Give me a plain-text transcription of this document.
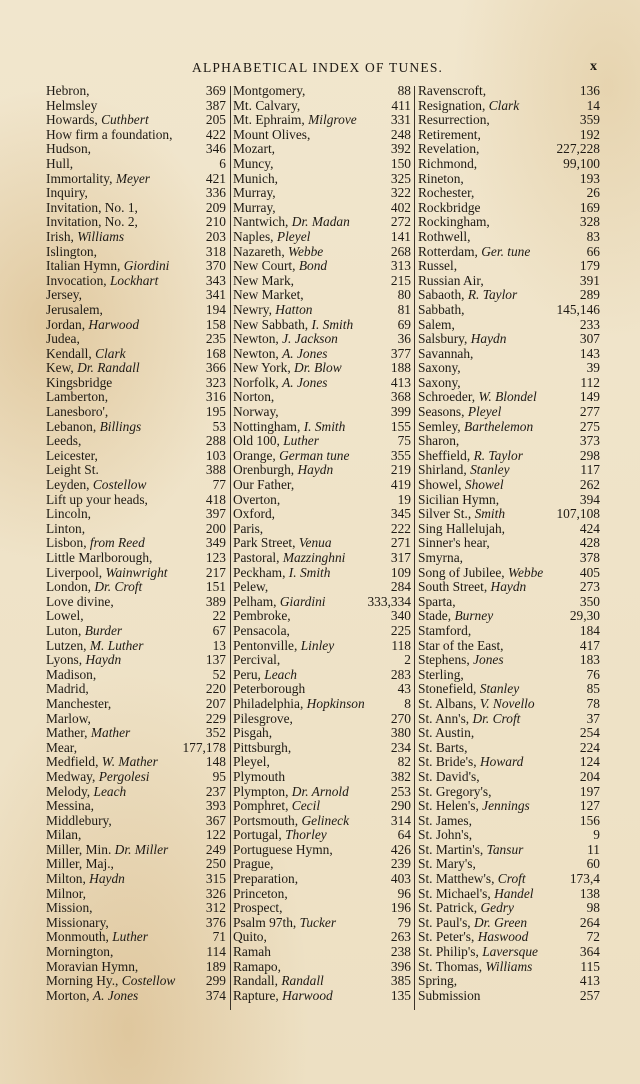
ALPHABETICAL INDEX OF TUNES.	x
Hebron,	369
Helmsley	387
Howards, Cuthbert	205
How firm a foundation, 422
Hudson,	346
Hull,	6
Immortality, Meyer	421
Inquiry,	336
Invitation, No. 1,	209
Invitation, No. 2,	210
Irish, Williams	203
Islington,	318
Italian Hymn, Giordini	370
Invocation, Lockhart	343
Jersey,	341
Jerusalem,	194
Jordan, Harwood	158
Judea,	235
Kendall, Clark	168
Kew, Dr. Randall	366
Kingsbridge	323
Lamberton,	316
Lanesboro',	195
Lebanon, Billings	53
Leeds,	288
Leicester,	103
Leight St.	388
Leyden, Costellow	77
Lift up your heads,	418
Lincoln,	397
Linton,	200
Lisbon, from Reed	349
Little Marlborough,	123
Liverpool, Wainwright	217
London, Dr. Croft	151
Love divine,	389
Lowel,	22
Luton, Burder	67
Lutzen, M. Luther	13
Lyons, Haydn	137
Madison,	52
Madrid,	220
Manchester,	207
Marlow,	229
Mather, Mather	352
Mear,	177,178
Medfield, W. Mather	148
Medway, Pergolesi	95
Melody, Leach	237
Messina,	393
Middlebury,	367
Milan,	122
Miller, Min. Dr. Miller	249
Miller, Maj.,	250
Milton, Haydn	315
Milnor,	326
Mission,	312
Missionary,	376
Monmouth, Luther	71
Mornington,	114
Moravian Hymn,	189
Morning Hy., Costellow 299
Morton, A. Jones	374
Montgomery,	88
Mt. Calvary,	411
Mt. Ephraim, Milgrove	331
Mount Olives,	248
Mozart,	392
Muncy,	150
Munich,	325
Murray,	322
Murray,	402
Nantwich, Dr. Madan	272
Naples, Pleyel	141
Nazareth, Webbe	268
New Court, Bond	313
New Mark,	215
New Market,	80
Newry, Hatton	81
New Sabbath, I. Smith	69
Newton, J. Jackson	36
Newton, A. Jones	377
New York, Dr. Blow	188
Norfolk, A. Jones	413
Norton,	368
Norway,	399
Nottingham, I. Smith	155
Old 100, Luther	75
Orange, German tune	355
Orenburgh, Haydn	219
Our Father,	419
Overton,	19
Oxford,	345
Paris,	222
Park Street, Venua	271
Pastoral, Mazzinghni	317
Peckham, I. Smith	109
Pelew,	284
Pelham, Giardini	333,334
Pembroke,	340
Pensacola,	225
Pentonville, Linley	118
Percival,	2
Peru, Leach	283
Peterborough	43
Philadelphia, Hopkinson	8
Pilesgrove,	270
Pisgah,	380
Pittsburgh,	234
Pleyel,	82
Plymouth	382
Plympton, Dr. Arnold	253
Pomphret, Cecil	290
Portsmouth, Gelineck	314
Portugal, Thorley	64
Portuguese Hymn,	426
Prague,	239
Preparation,	403
Princeton,	96
Prospect,	196
Psalm 97th, Tucker	79
Quito,	263
Ramah	238
Ramapo,	396
Randall, Randall	385
Rapture, Harwood	135
Ravenscroft,	136
Resignation, Clark	14
Resurrection,	359
Retirement,	192
Revelation,	227,228
Richmond,	99,100
Rineton,	193
Rochester,	26
Rockbridge	169
Rockingham,	328
Rothwell,	83
Rotterdam, Ger. tune	66
Russel,	179
Russian Air,	391
Sabaoth, R. Taylor	289
Sabbath,	145,146
Salem,	233
Salsbury, Haydn	307
Savannah,	143
Saxony,	39
Saxony,	112
Schroeder, W. Blondel	149
Seasons, Pleyel	277
Semley, Barthelemon	275
Sharon,	373
Sheffield, R. Taylor	298
Shirland, Stanley	117
Showel, Showel	262
Sicilian Hymn,	394
Silver St., Smith	107,108
Sing Hallelujah,	424
Sinner's hear,	428
Smyrna,	378
Song of Jubilee, Webbe	405
South Street, Haydn	273
Sparta,	350
Stade, Burney	29,30
Stamford,	184
Star of the East,	417
Stephens, Jones	183
Sterling,	76
Stonefield, Stanley	85
St. Albans, V. Novello	78
St. Ann's, Dr. Croft	37
St. Austin,	254
St. Barts,	224
St. Bride's, Howard	124
St. David's,	204
St. Gregory's,	197
St. Helen's, Jennings	127
St. James,	156
St. John's,	9
St. Martin's, Tansur	11
St. Mary's,	60
St. Matthew's, Croft	173,4
St. Michael's, Handel	138
St. Patrick, Gedry	98
St. Paul's, Dr. Green	264
St. Peter's, Haswood	72
St. Philip's, Laversque	364
St. Thomas, Williams	115
Spring,	413
Submission	257
